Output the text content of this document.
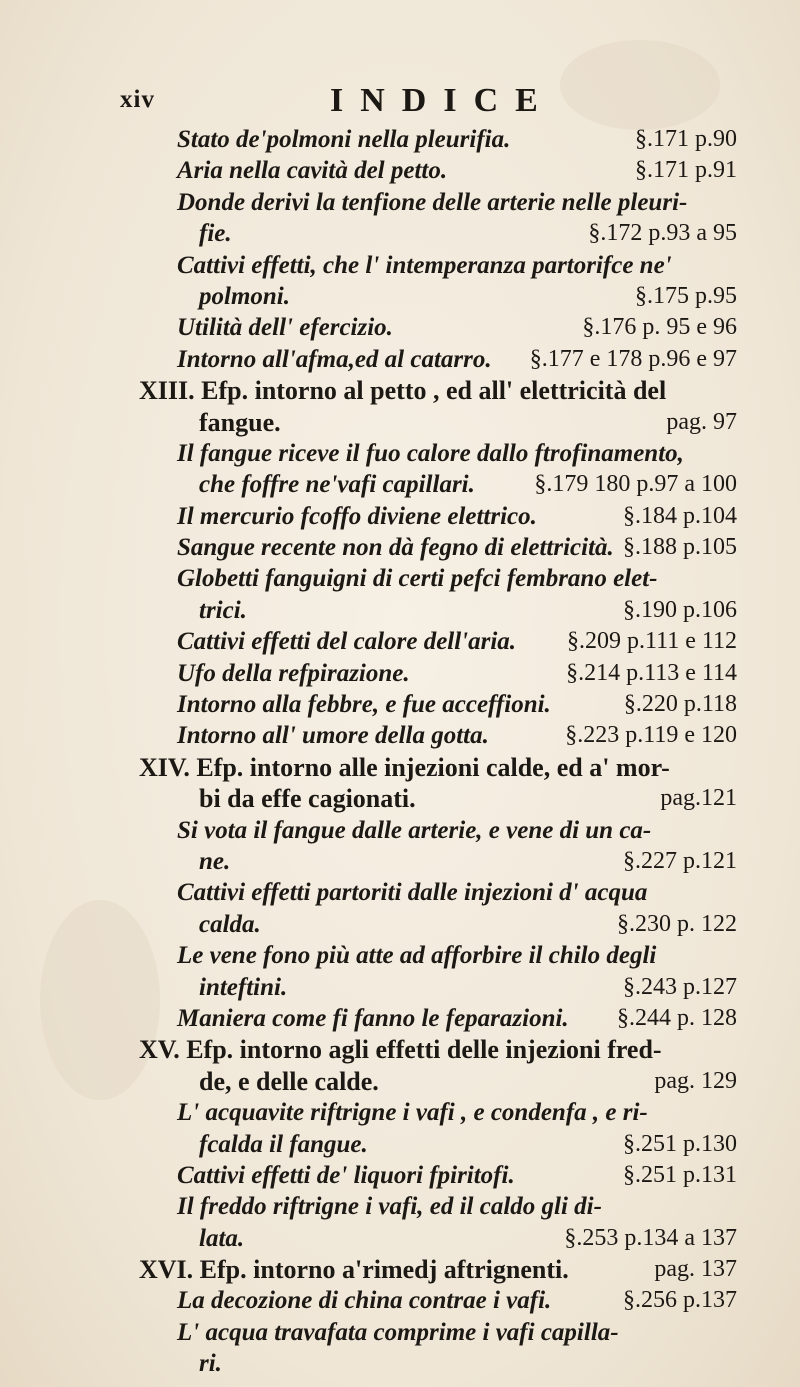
xiv	INDICE
Stato de'polmoni nella pleurifia.	§.171 p.90
Aria nella cavità del petto.	§.171 p.91
Donde derivi la tenfione delle arterie nelle pleuri-
fie.	§.172 p.93 a 95
Cattivi effetti, che l' intemperanza partorifce ne'
polmoni.	§.175 p.95
Utilità dell' efercizio.	§.176 p. 95 e 96
Intorno all'afma,ed al catarro. §.177 e 178 p.96 e 97
XIII. Efp. intorno al petto , ed all' elettricità del
fangue.	pag. 97
Il fangue riceve il fuo calore dallo ftrofinamento,
che foffre ne'vafi capillari. §.179 180 p.97 a 100
Il mercurio fcoffo diviene elettrico.	§.184 p.104
Sangue recente non dà fegno di elettricità. §.188 p.105
Globetti fanguigni di certi pefci fembrano elet-
trici.	§.190 p.106
Cattivi effetti del calore dell'aria. §.209 p.111 e 112
Ufo della refpirazione.	§.214 p.113 e 114
Intorno alla febbre, e fue acceffioni.	§.220 p.118
Intorno all' umore della gotta.	§.223 p.119 e 120
XIV. Efp. intorno alle injezioni calde, ed a' mor-
bi da effe cagionati.	pag.121
Si vota il fangue dalle arterie, e vene di un ca-
ne.	§.227 p.121
Cattivi effetti partoriti dalle injezioni d' acqua
calda.	§.230 p. 122
Le vene fono più atte ad afforbire il chilo degli
inteftini.	§.243 p.127
Maniera come fi fanno le feparazioni. §.244 p. 128
XV. Efp. intorno agli effetti delle injezioni fred-
de, e delle calde.	pag. 129
L' acquavite riftrigne i vafi , e condenfa , e ri-
fcalda il fangue.	§.251 p.130
Cattivi effetti de' liquori fpiritofi.	§.251 p.131
Il freddo riftrigne i vafi, ed il caldo gli di-
lata.	§.253 p.134 a 137
XVI. Efp. intorno a'rimedj aftrignenti.	pag. 137
La decozione di china contrae i vafi.	§.256 p.137
L' acqua travafata comprime i vafi capilla-
ri.
